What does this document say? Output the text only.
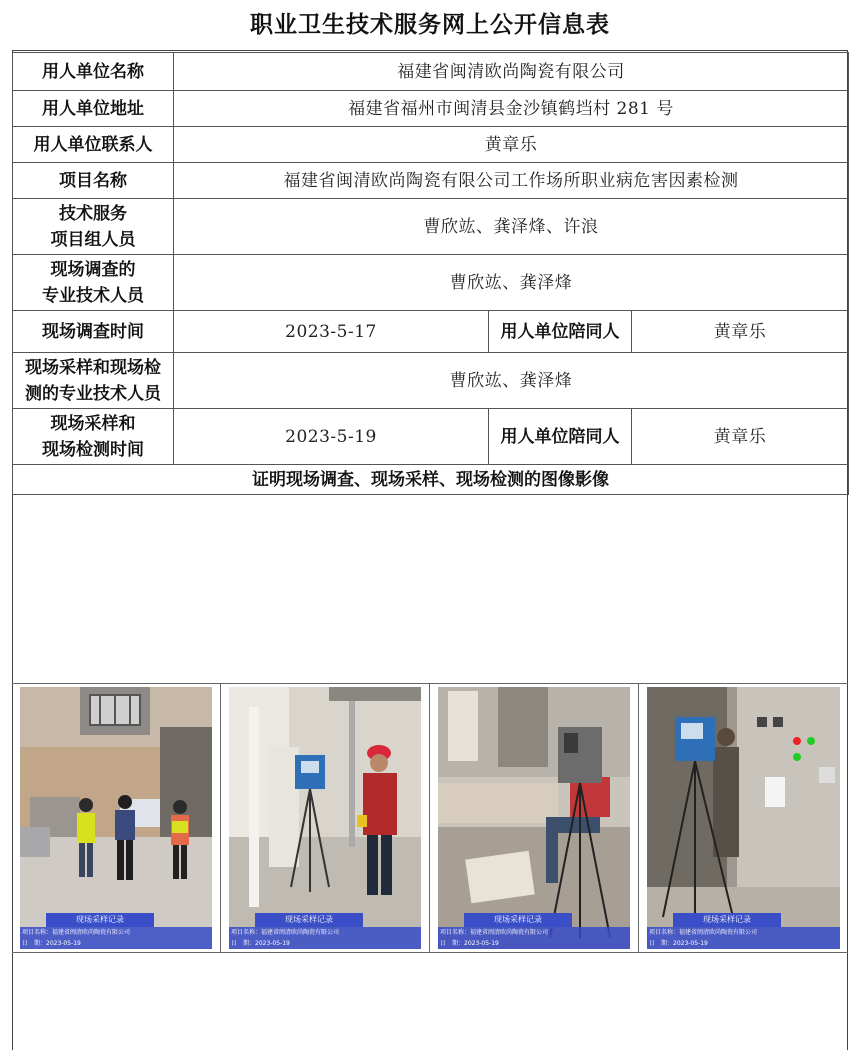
职业卫生技术服务网上公开信息表
用人单位名称	福建省闽清欧尚陶瓷有限公司		
用人单位地址	福建省福州市闽清县金沙镇鹤垱村 281 号		
用人单位联系人	黄章乐		
项目名称	福建省闽清欧尚陶瓷有限公司工作场所职业病危害因素检测		

技术服务
项目组人员	曹欣竑、龚泽烽、许浪		

现场调查的
专业技术人员	曹欣竑、龚泽烽		
现场调查时间	2023-5-17	用人单位陪同人	黄章乐

现场采样和现场检
测的专业技术人员	曹欣竑、龚泽烽		

现场采样和
现场检测时间	2023-5-19	用人单位陪同人	黄章乐
证明现场调查、现场采样、现场检测的图像影像			
现场采样记录
项目名称：福建省闽清欧尚陶瓷有限公司
日　期：2023-05-19
现场采样记录
项目名称：福建省闽清欧尚陶瓷有限公司
日　期：2023-05-19
现场采样记录
项目名称：福建省闽清欧尚陶瓷有限公司
日　期：2023-05-19
现场采样记录
项目名称：福建省闽清欧尚陶瓷有限公司
日　期：2023-05-19
